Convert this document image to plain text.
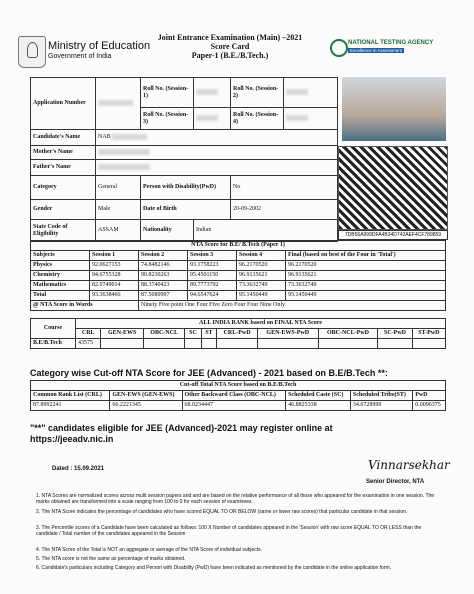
Ministry of Education
Government of India
Joint Entrance Examination (Main) –2021
Score Card
Paper-1 (B.E./B.Tech.)
NATIONAL TESTING AGENCY
Excellence in Assessment
Application Number		Roll No. (Session-1)		Roll No. (Session-2)	
		Roll No. (Session-3)		Roll No. (Session-4)	
Candidate's Name	NAB				
Mother's Name	
Father's Name	
Category	General	Person with Disability(PwD)		No	
Gender	Male	Date of Birth		20-09-2002	
State Code of Eligibility	ASSAM	Nationality	Indian		
7DB56A999DFA4B34D742AEF4CF789859
NTA Score for B.E/ B.Tech (Paper 1)					
Subjects	Session 1	Session 2	Session 3	Session 4	Final (based on best of the Four in 'Total')
Physics	92.0627153	74.8482146	93.1758223	96.2170520	96.2170520
Chemistry	94.6755328	90.8230263	95.4501150	96.9135621	96.9135621
Mathematics	82.0749014	88.3740423	89.7773792	73.3632749	73.3632749
Total	93.3638466	87.5089997	94.6547624	95.1450449	95.1450449
@ NTA Score in Words		Ninety Five point One Four Five Zero Four Four Nine Only			
Course	ALL INDIA RANK based on FINAL NTA Score									
	CRL	GEN-EWS	OBC-NCL	SC	ST	CRL-PwD	GEN-EWS-PwD	OBC-NCL-PwD	SC-PwD	ST-PwD
B.E/B.Tech	43575									
Category wise Cut-off NTA Score for JEE (Advanced) - 2021 based on B.E/B.Tech **:
Cut-off Total NTA Score based on B.E/B.Tech					
Common Rank List (CRL)	GEN-EWS (GEN-EWS)	Other Backward Class (OBC-NCL)	Scheduled Caste (SC)	Scheduled Tribe(ST)	PwD
87.8992241	66.2221345	68.0234447	46.8825338	34.6728999	0.0096375
"**" candidates eligible for JEE (Advanced)-2021 may register online at
https://jeeadv.nic.in
Dated : 15.09.2021	Vinnarsekhar
Senior Director, NTA
1. NTA Scores are normalized scores across multi session papers and and are based on the relative performance of all those who appeared for the examination in one session. The marks obtained are transformed into a scale ranging from 100 to 0 for each session of examinees.
2. The NTA Score indicates the percentage of candidates who have scored EQUAL TO OR BELOW (same or lower raw scores) that particular candidate in that session.
3. The Percentile scores of a Candidate have been calculated as follows: 100 X Number of candidates appeared in the 'Session' with raw score EQUAL TO OR LESS than the candidate / Total number of the candidates appeared in the Session
4. The NTA Score of the Total is NOT an aggregate or average of the NTA Score of individual subjects.
5. The NTA score is not the same as percentage of marks obtained.
6. Candidate's particulars including Category and Person with Disability (PwD) have been indicated as mentioned by the candidate in the online application form.
